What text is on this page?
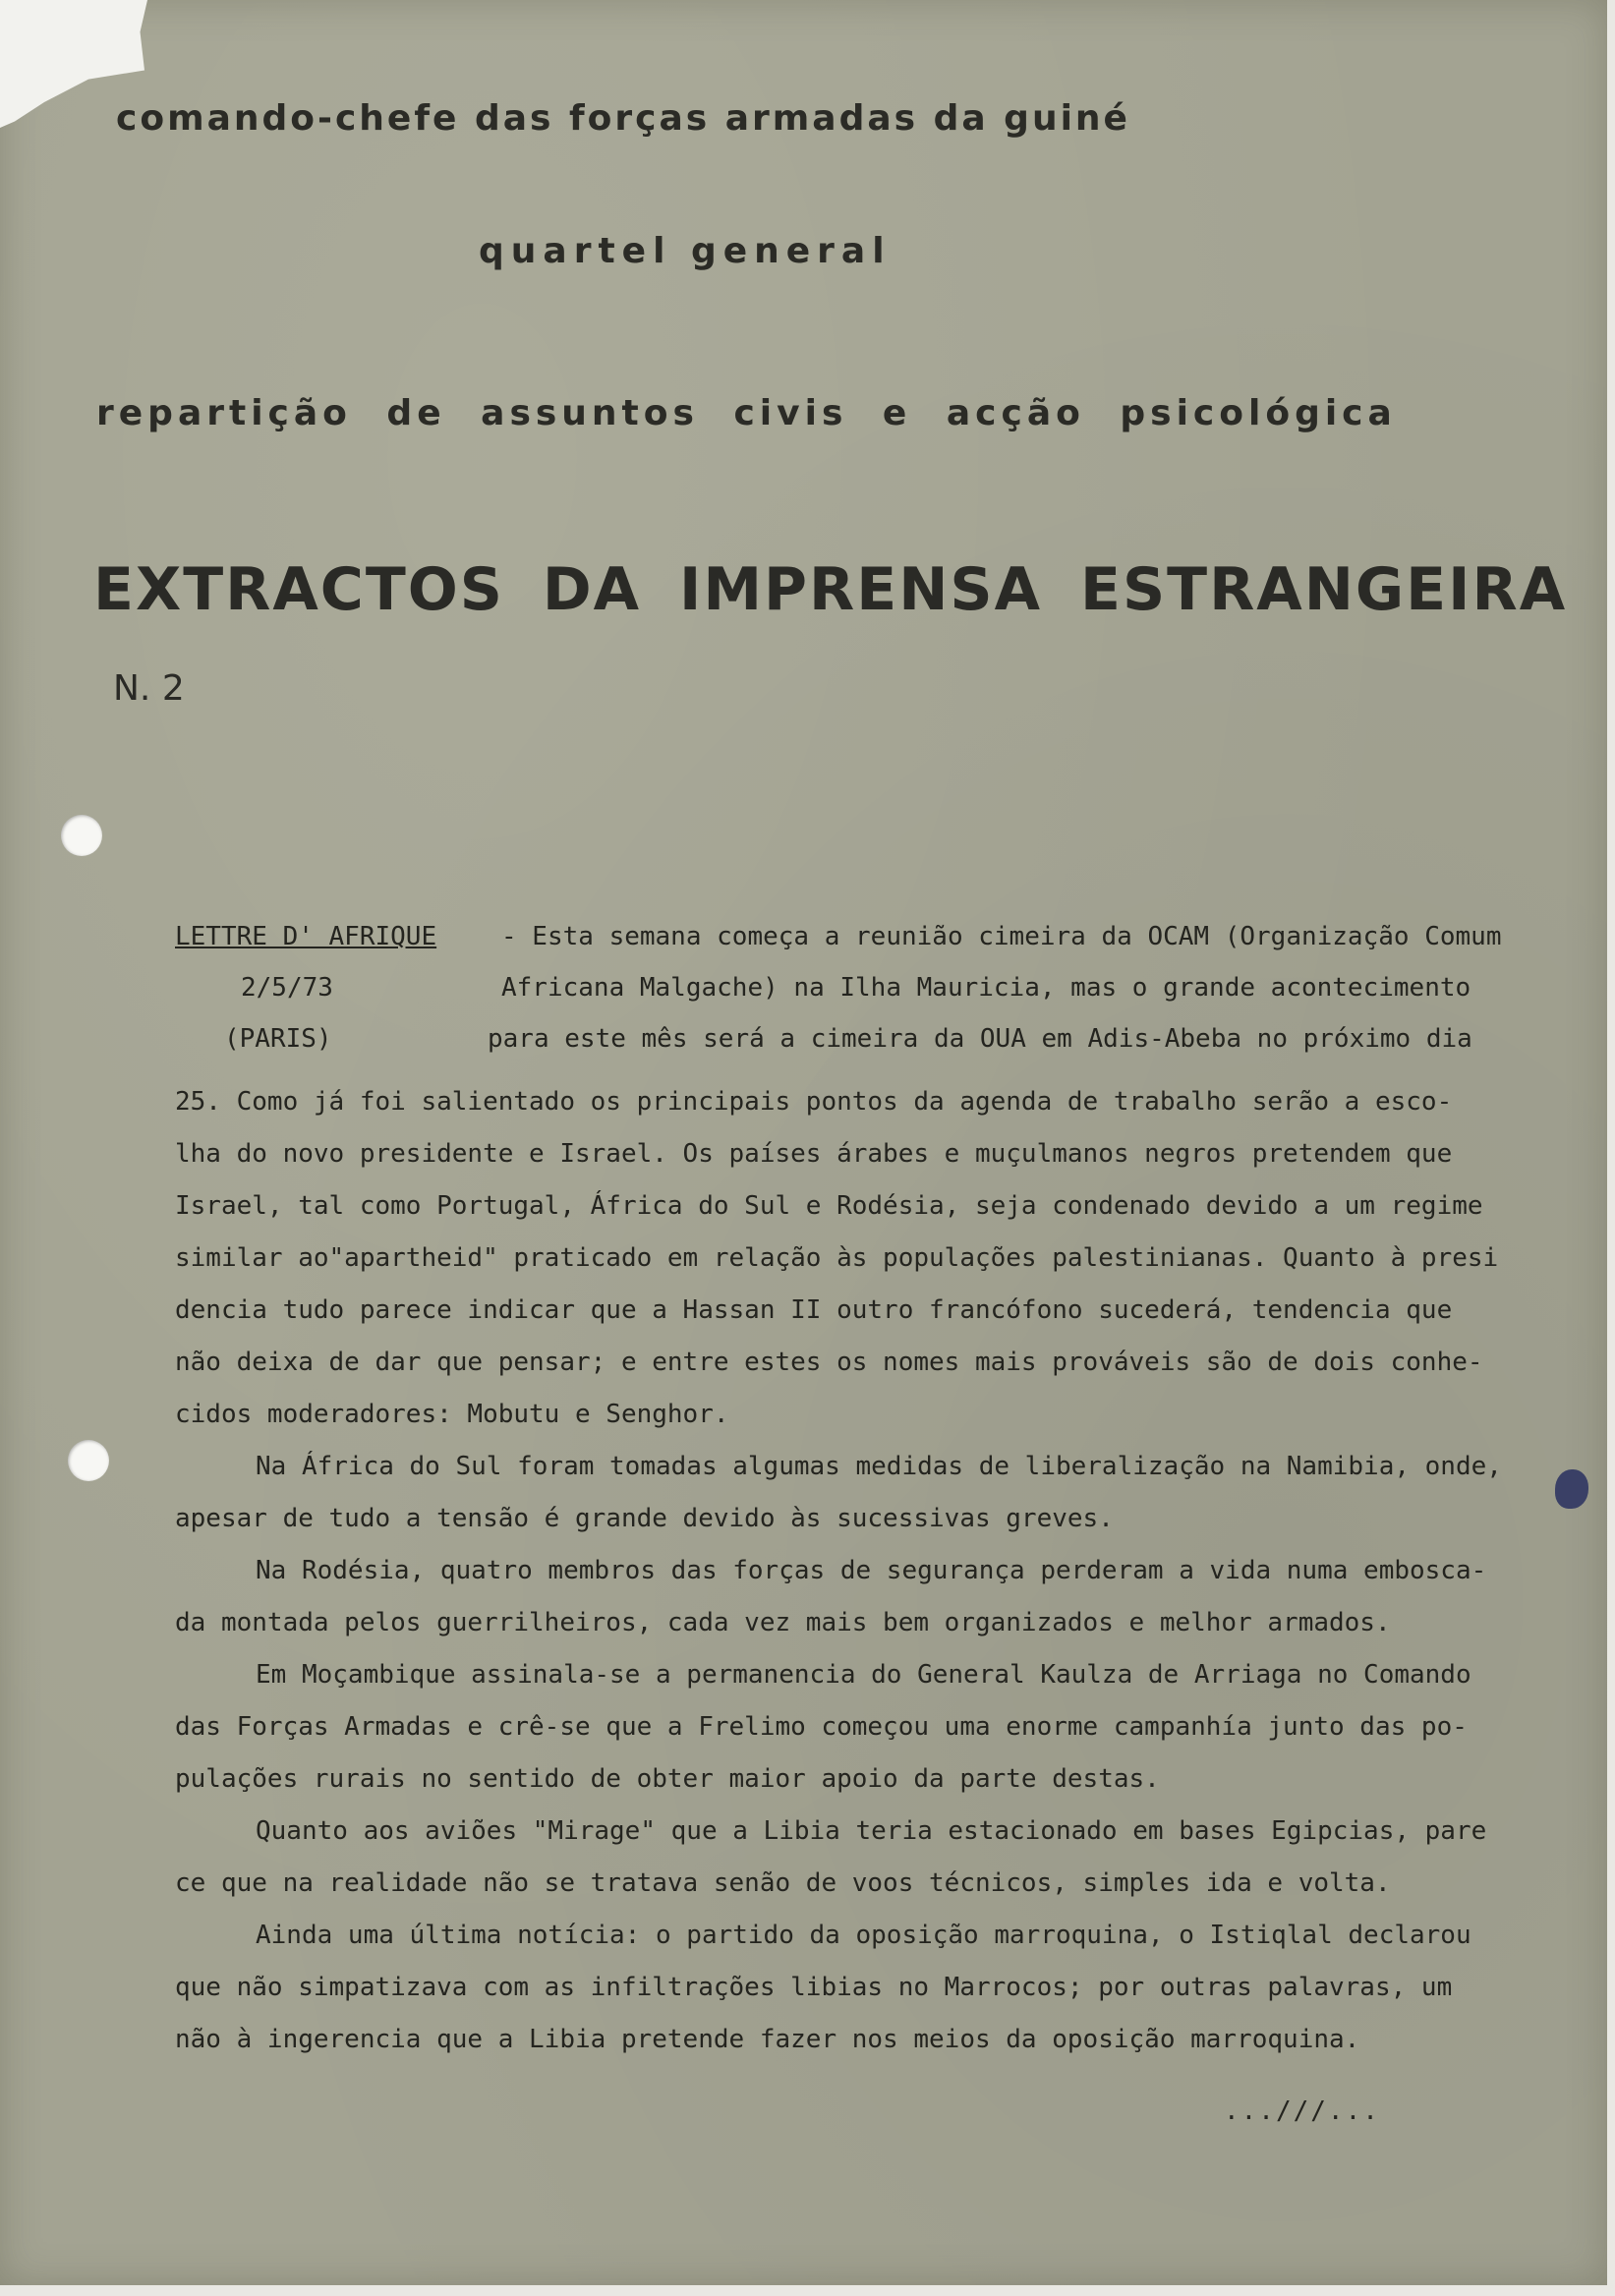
comando-chefe das forças armadas da guiné
quartel general
repartição de assuntos civis e acção psicológica
EXTRACTOS DA IMPRENSA ESTRANGEIRA
N. 2
LETTRE D' AFRIQUE
2/5/73
(PARIS)
- Esta semana começa a reunião cimeira da OCAM (Organização Comum
Africana Malgache) na Ilha Mauricia, mas o grande acontecimento
para este mês será a cimeira da OUA em Adis-Abeba no próximo dia
25. Como já foi salientado os principais pontos da agenda de trabalho serão a esco-
lha do novo presidente e Israel. Os países árabes e muçulmanos negros pretendem que
Israel, tal como Portugal, África do Sul e Rodésia, seja condenado devido a um regime
similar ao"apartheid" praticado em relação às populações palestinianas. Quanto à presi
dencia tudo parece indicar que a Hassan II outro francófono sucederá, tendencia que
não deixa de dar que pensar; e entre estes os nomes mais prováveis são de dois conhe-
cidos moderadores: Mobutu e Senghor.
Na África do Sul foram tomadas algumas medidas de liberalização na Namibia, onde,
apesar de tudo a tensão é grande devido às sucessivas greves.
Na Rodésia, quatro membros das forças de segurança perderam a vida numa embosca-
da montada pelos guerrilheiros, cada vez mais bem organizados e melhor armados.
Em Moçambique assinala-se a permanencia do General Kaulza de Arriaga no Comando
das Forças Armadas e crê-se que a Frelimo começou uma enorme campanhía junto das po-
pulações rurais no sentido de obter maior apoio da parte destas.
Quanto aos aviões "Mirage" que a Libia teria estacionado em bases Egipcias, pare
ce que na realidade não se tratava senão de voos técnicos, simples ida e volta.
Ainda uma última notícia: o partido da oposição marroquina, o Istiqlal declarou
que não simpatizava com as infiltrações libias no Marrocos; por outras palavras, um
não à ingerencia que a Libia pretende fazer nos meios da oposição marroquina.
...///...
